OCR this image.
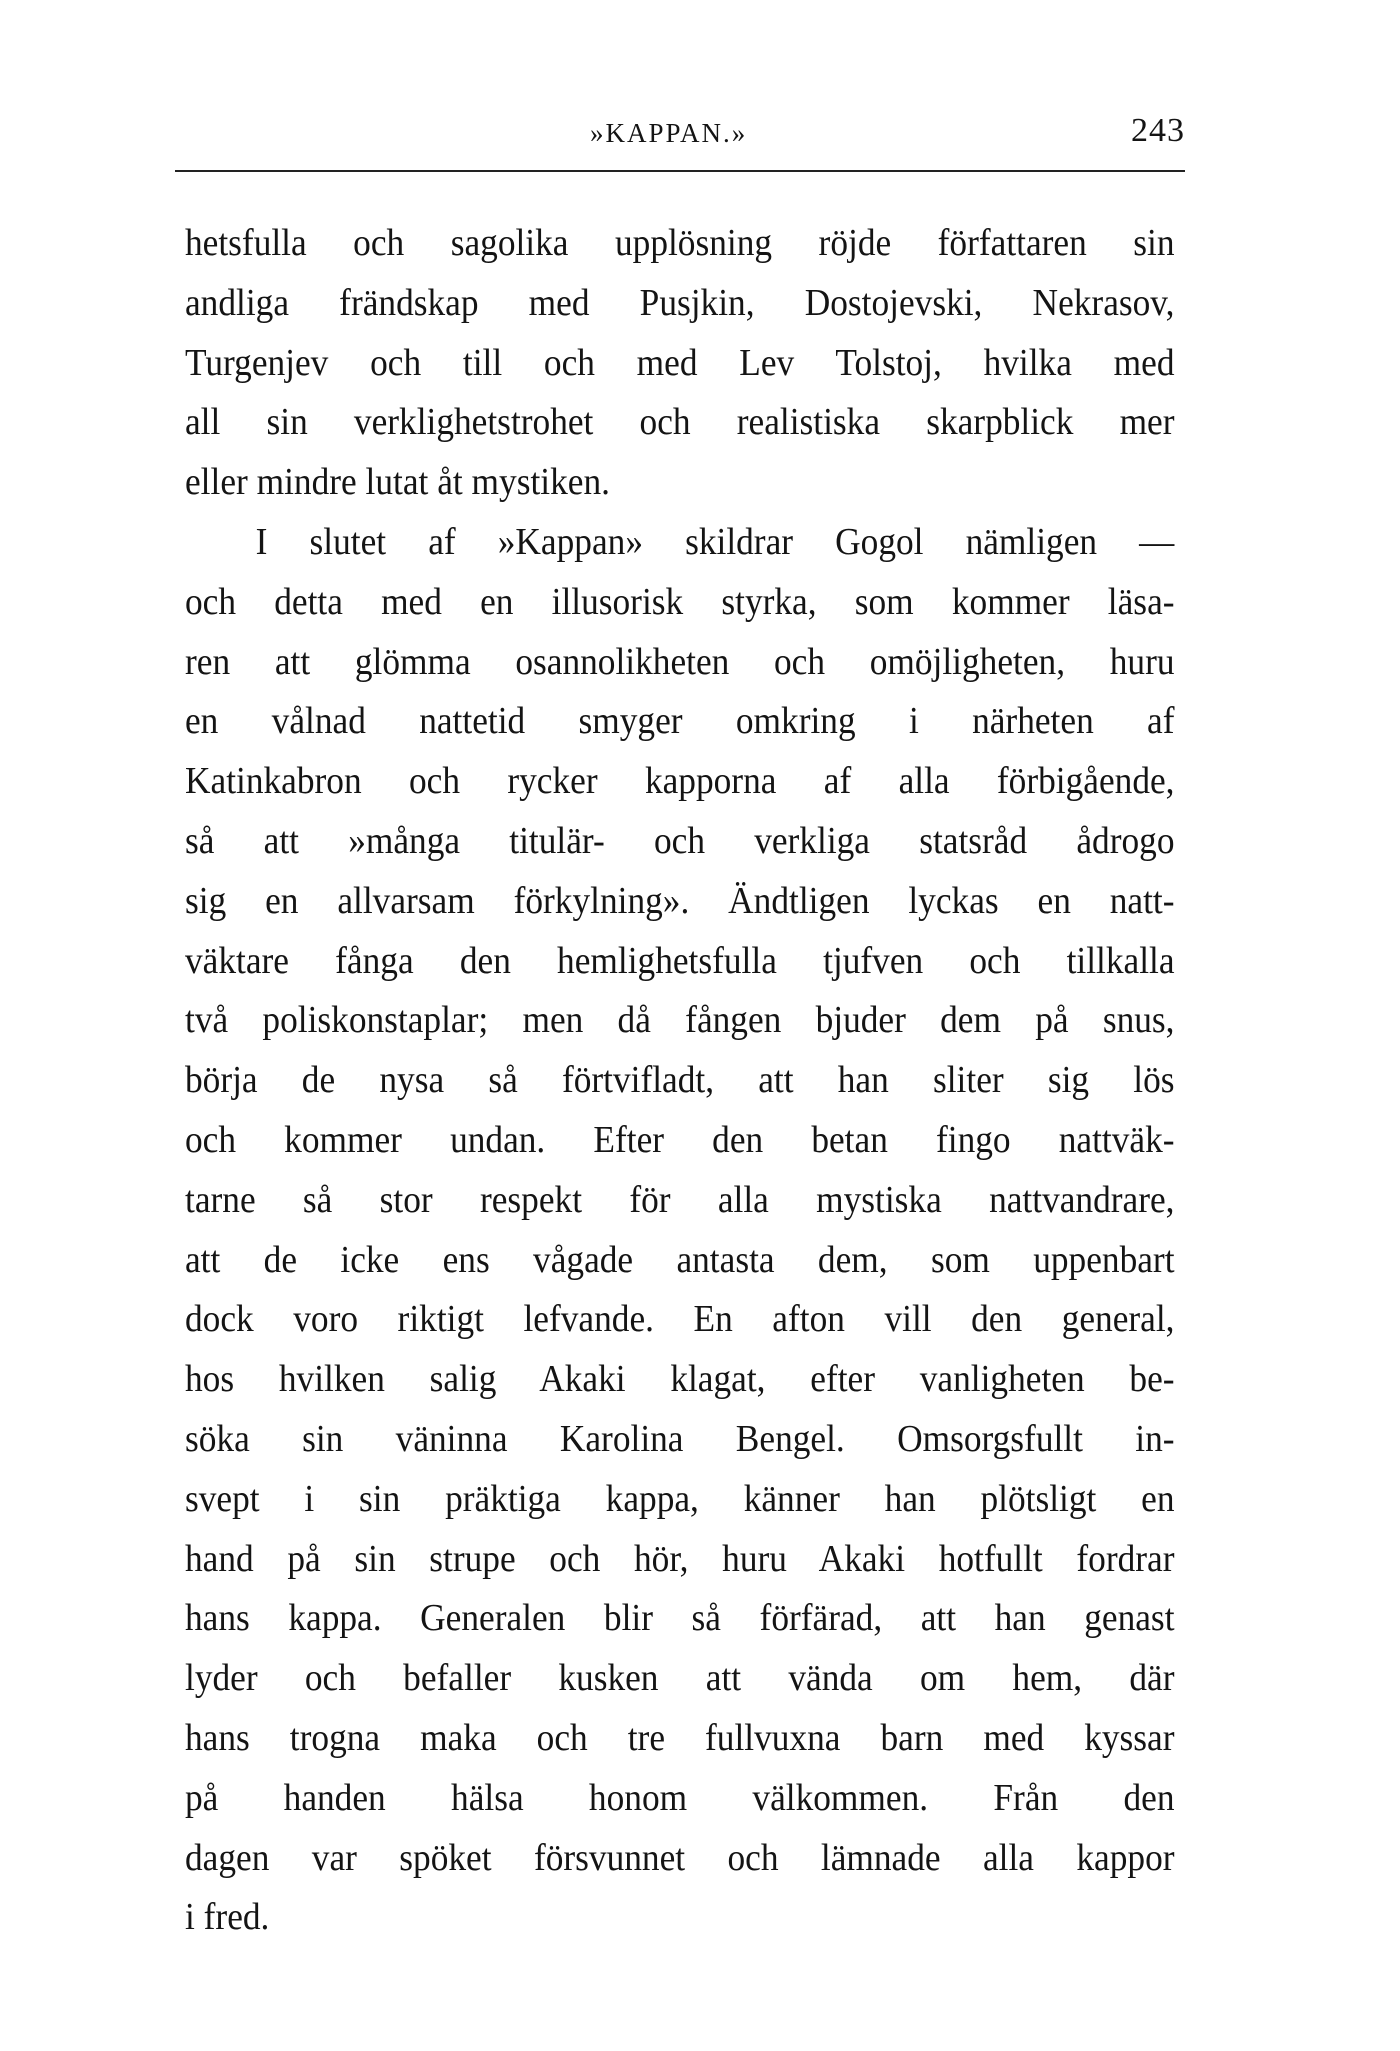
»KAPPAN.»	243
hetsfulla och sagolika upplösning röjde författaren sin
andliga frändskap med Pusjkin, Dostojevski, Nekrasov,
Turgenjev och till och med Lev Tolstoj, hvilka med
all sin verklighetstrohet och realistiska skarpblick mer
eller mindre lutat åt mystiken.
I slutet af »Kappan» skildrar Gogol nämligen —
och detta med en illusorisk styrka, som kommer läsa-
ren att glömma osannolikheten och omöjligheten, huru
en vålnad nattetid smyger omkring i närheten af
Katinkabron och rycker kapporna af alla förbigående,
så att »många titulär- och verkliga statsråd ådrogo
sig en allvarsam förkylning». Ändtligen lyckas en natt-
väktare fånga den hemlighetsfulla tjufven och tillkalla
två poliskonstaplar; men då fången bjuder dem på snus,
börja de nysa så förtvifladt, att han sliter sig lös
och kommer undan. Efter den betan fingo nattväk-
tarne så stor respekt för alla mystiska nattvandrare,
att de icke ens vågade antasta dem, som uppenbart
dock voro riktigt lefvande. En afton vill den general,
hos hvilken salig Akaki klagat, efter vanligheten be-
söka sin väninna Karolina Bengel. Omsorgsfullt in-
svept i sin präktiga kappa, känner han plötsligt en
hand på sin strupe och hör, huru Akaki hotfullt fordrar
hans kappa. Generalen blir så förfärad, att han genast
lyder och befaller kusken att vända om hem, där
hans trogna maka och tre fullvuxna barn med kyssar
på handen hälsa honom välkommen. Från den
dagen var spöket försvunnet och lämnade alla kappor
i fred.
